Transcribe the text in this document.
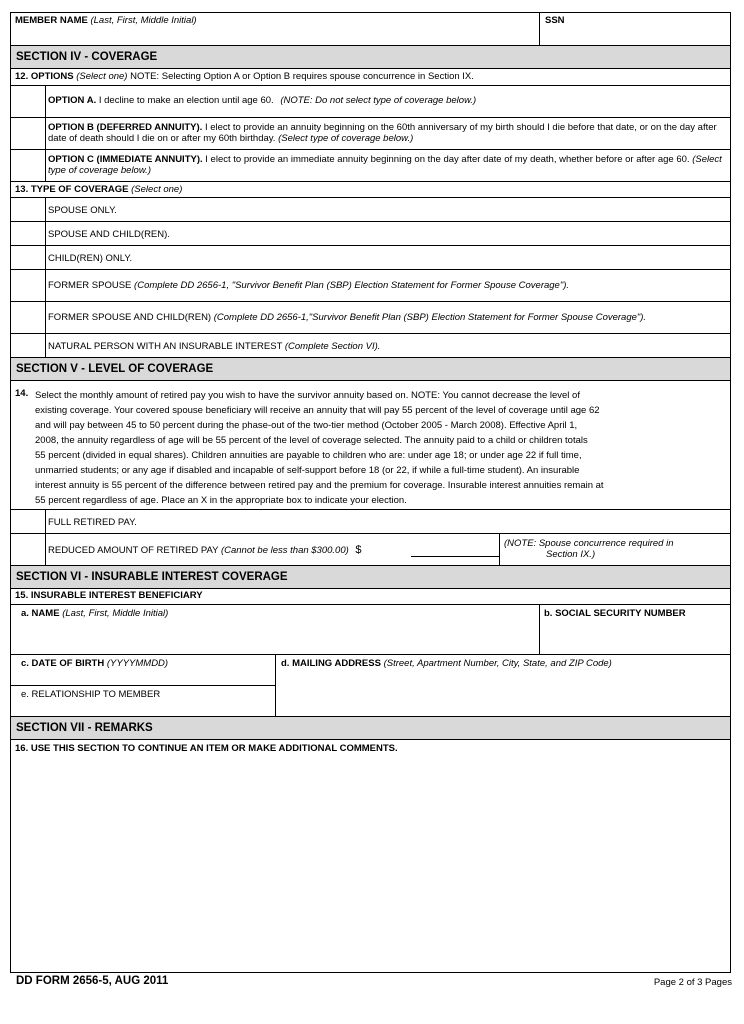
MEMBER NAME (Last, First, Middle Initial)	SSN
SECTION IV - COVERAGE
12. OPTIONS (Select one) NOTE: Selecting Option A or Option B requires spouse concurrence in Section IX.
OPTION A. I decline to make an election until age 60. (NOTE: Do not select type of coverage below.)
OPTION B (DEFERRED ANNUITY). I elect to provide an annuity beginning on the 60th anniversary of my birth should I die before that date, or on the day after date of death should I die on or after my 60th birthday. (Select type of coverage below.)
OPTION C (IMMEDIATE ANNUITY). I elect to provide an immediate annuity beginning on the day after date of my death, whether before or after age 60. (Select type of coverage below.)
13. TYPE OF COVERAGE (Select one)
SPOUSE ONLY.
SPOUSE AND CHILD(REN).
CHILD(REN) ONLY.
FORMER SPOUSE (Complete DD 2656-1, "Survivor Benefit Plan (SBP) Election Statement for Former Spouse Coverage").
FORMER SPOUSE AND CHILD(REN) (Complete DD 2656-1,"Survivor Benefit Plan (SBP) Election Statement for Former Spouse Coverage").
NATURAL PERSON WITH AN INSURABLE INTEREST (Complete Section VI).
SECTION V - LEVEL OF COVERAGE
14. Select the monthly amount of retired pay you wish to have the survivor annuity based on. NOTE: You cannot decrease the level of
existing coverage. Your covered spouse beneficiary will receive an annuity that will pay 55 percent of the level of coverage until age 62
and will pay between 45 to 50 percent during the phase-out of the two-tier method (October 2005 - March 2008). Effective April 1,
2008, the annuity regardless of age will be 55 percent of the level of coverage selected. The annuity paid to a child or children totals
55 percent (divided in equal shares). Children annuities are payable to children who are: under age 18; or under age 22 if full time,
unmarried students; or any age if disabled and incapable of self-support before 18 (or 22, if while a full-time student). An insurable
interest annuity is 55 percent of the difference between retired pay and the premium for coverage. Insurable interest annuities remain at
55 percent regardless of age. Place an X in the appropriate box to indicate your election.
FULL RETIRED PAY.
REDUCED AMOUNT OF RETIRED PAY (Cannot be less than $300.00) $
(NOTE: Spouse concurrence required in
Section IX.)
SECTION VI - INSURABLE INTEREST COVERAGE
15. INSURABLE INTEREST BENEFICIARY
a. NAME (Last, First, Middle Initial)	b. SOCIAL SECURITY NUMBER
c. DATE OF BIRTH (YYYYMMDD)
e. RELATIONSHIP TO MEMBER
d. MAILING ADDRESS (Street, Apartment Number, City, State, and ZIP Code)
SECTION VII - REMARKS
16. USE THIS SECTION TO CONTINUE AN ITEM OR MAKE ADDITIONAL COMMENTS.
DD FORM 2656-5, AUG 2011	Page 2 of 3 Pages
